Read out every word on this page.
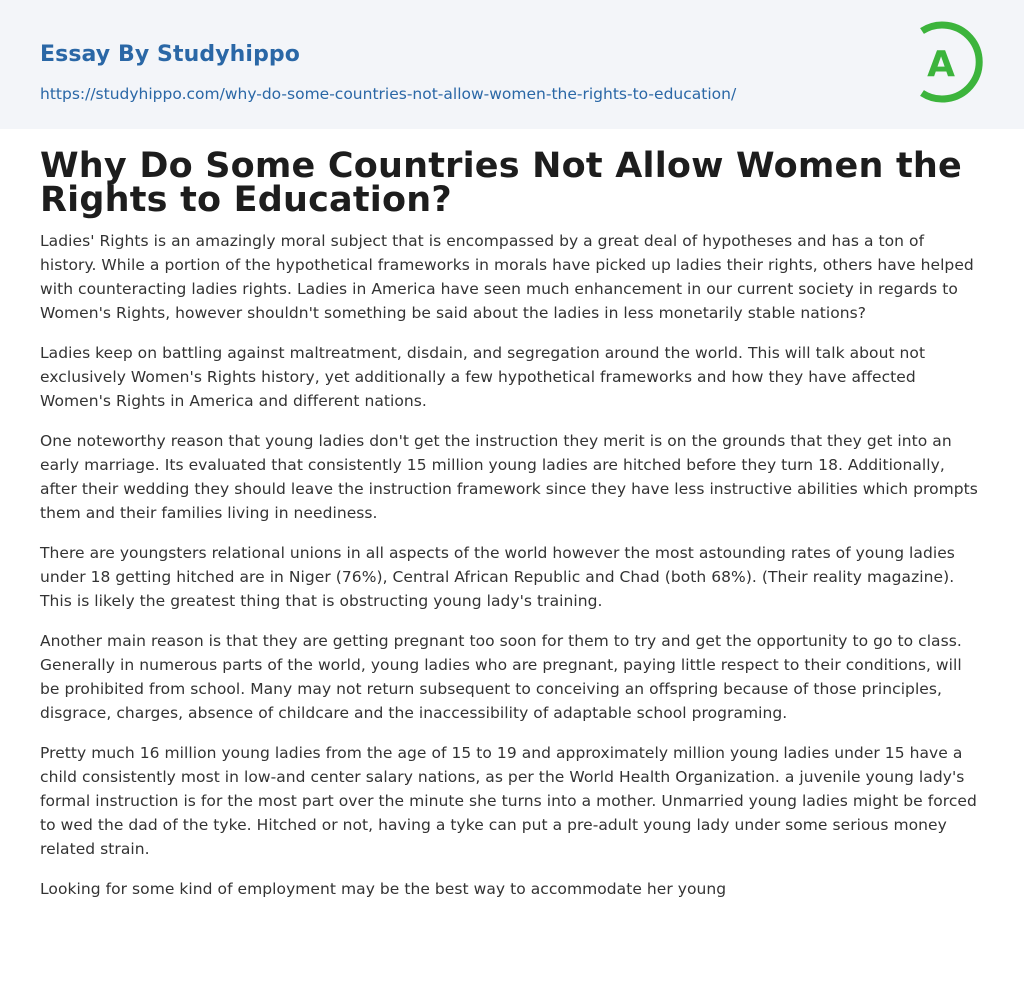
Essay By Studyhippo
https://studyhippo.com/why-do-some-countries-not-allow-women-the-rights-to-education/
A
Why Do Some Countries Not Allow Women the Rights to Education?

Ladies' Rights is an amazingly moral subject that is encompassed by a great deal of hypotheses and has a ton of history. While a portion of the hypothetical frameworks in morals have picked up ladies their rights, others have helped with counteracting ladies rights. Ladies in America have seen much enhancement in our current society in regards to Women's Rights, however shouldn't something be said about the ladies in less monetarily stable nations?

Ladies keep on battling against maltreatment, disdain, and segregation around the world. This will talk about not exclusively Women's Rights history, yet additionally a few hypothetical frameworks and how they have affected Women's Rights in America and different nations.

One noteworthy reason that young ladies don't get the instruction they merit is on the grounds that they get into an early marriage. Its evaluated that consistently 15 million young ladies are hitched before they turn 18. Additionally, after their wedding they should leave the instruction framework since they have less instructive abilities which prompts them and their families living in neediness.

There are youngsters relational unions in all aspects of the world however the most astounding rates of young ladies under 18 getting hitched are in Niger (76%), Central African Republic and Chad (both 68%). (Their reality magazine). This is likely the greatest thing that is obstructing young lady's training.

Another main reason is that they are getting pregnant too soon for them to try and get the opportunity to go to class. Generally in numerous parts of the world, young ladies who are pregnant, paying little respect to their conditions, will be prohibited from school. Many may not return subsequent to conceiving an offspring because of those principles, disgrace, charges, absence of childcare and the inaccessibility of adaptable school programing.

Pretty much 16 million young ladies from the age of 15 to 19 and approximately million young ladies under 15 have a child consistently most in low-and center salary nations, as per the World Health Organization. a juvenile young lady's formal instruction is for the most part over the minute she turns into a mother. Unmarried young ladies might be forced to wed the dad of the tyke. Hitched or not, having a tyke can put a pre-adult young lady under some serious money related strain.

Looking for some kind of employment may be the best way to accommodate her young
